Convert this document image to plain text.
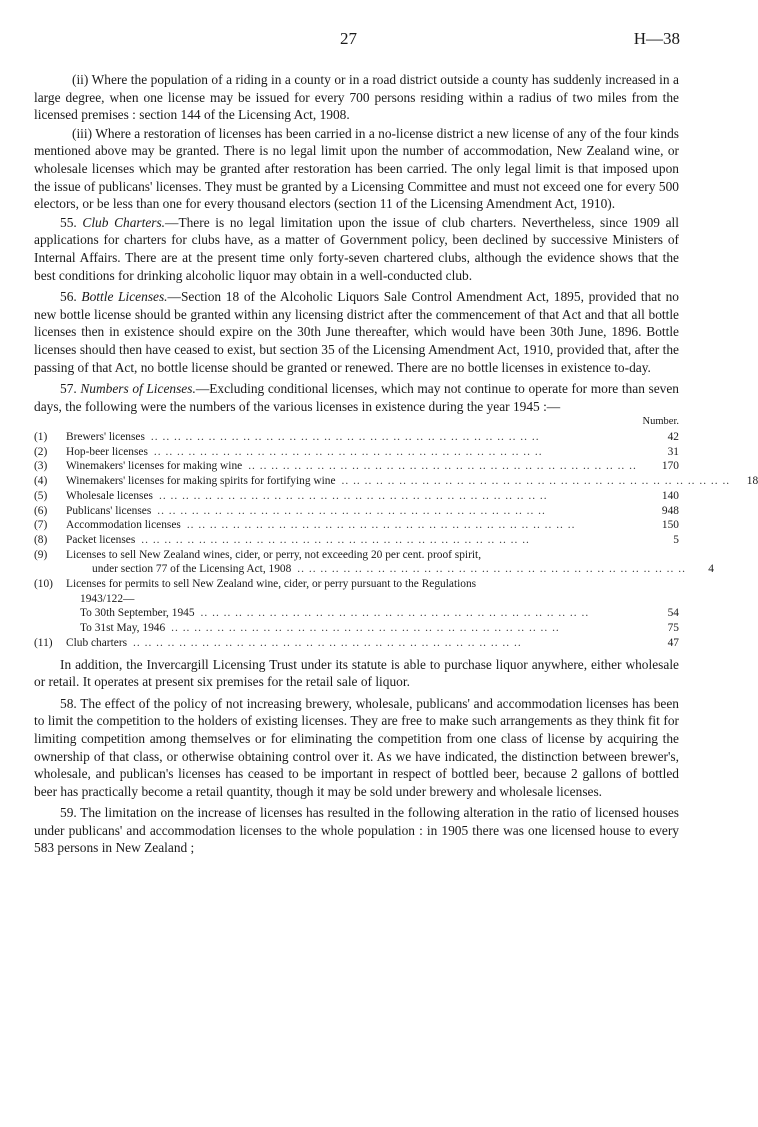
27	H—38

(ii) Where the population of a riding in a county or in a road district outside a county has suddenly increased in a large degree, when one license may be issued for every 700 persons residing within a radius of two miles from the licensed premises : section 144 of the Licensing Act, 1908.

(iii) Where a restoration of licenses has been carried in a no-license district a new license of any of the four kinds mentioned above may be granted. There is no legal limit upon the number of accommodation, New Zealand wine, or wholesale licenses which may be granted after restoration has been carried. The only legal limit is that imposed upon the issue of publicans' licenses. They must be granted by a Licensing Committee and must not exceed one for every 500 electors, or be less than one for every thousand electors (section 11 of the Licensing Amendment Act, 1910).

55. Club Charters.—There is no legal limitation upon the issue of club charters. Nevertheless, since 1909 all applications for charters for clubs have, as a matter of Government policy, been declined by successive Ministers of Internal Affairs. There are at the present time only forty-seven chartered clubs, although the evidence shows that the best conditions for drinking alcoholic liquor may obtain in a well-conducted club.

56. Bottle Licenses.—Section 18 of the Alcoholic Liquors Sale Control Amendment Act, 1895, provided that no new bottle license should be granted within any licensing district after the commencement of that Act and that all bottle licenses then in existence should expire on the 30th June thereafter, which would have been 30th June, 1896. Bottle licenses should then have ceased to exist, but section 35 of the Licensing Amendment Act, 1910, provided that, after the passing of that Act, no bottle license should be granted or renewed. There are no bottle licenses in existence to-day.

57. Numbers of Licenses.—Excluding conditional licenses, which may not continue to operate for more than seven days, the following were the numbers of the various licenses in existence during the year 1945 :—

Number.
(1)	Brewers' licenses .. .. .. .. .. .. .. .. .. .. .. .. .. .. .. .. .. .. .. .. .. .. .. .. .. .. .. .. .. .. .. .. .. ..	42
(2)	Hop-beer licenses .. .. .. .. .. .. .. .. .. .. .. .. .. .. .. .. .. .. .. .. .. .. .. .. .. .. .. .. .. .. .. .. .. ..	31
(3)	Winemakers' licenses for making wine .. .. .. .. .. .. .. .. .. .. .. .. .. .. .. .. .. .. .. .. .. .. .. .. .. .. .. .. .. .. .. .. .. ..	170
(4)	Winemakers' licenses for making spirits for fortifying wine .. .. .. .. .. .. .. .. .. .. .. .. .. .. .. .. .. .. .. .. .. .. .. .. .. .. .. .. .. .. .. .. .. ..	18
(5)	Wholesale licenses .. .. .. .. .. .. .. .. .. .. .. .. .. .. .. .. .. .. .. .. .. .. .. .. .. .. .. .. .. .. .. .. .. ..	140
(6)	Publicans' licenses .. .. .. .. .. .. .. .. .. .. .. .. .. .. .. .. .. .. .. .. .. .. .. .. .. .. .. .. .. .. .. .. .. ..	948
(7)	Accommodation licenses .. .. .. .. .. .. .. .. .. .. .. .. .. .. .. .. .. .. .. .. .. .. .. .. .. .. .. .. .. .. .. .. .. ..	150
(8)	Packet licenses .. .. .. .. .. .. .. .. .. .. .. .. .. .. .. .. .. .. .. .. .. .. .. .. .. .. .. .. .. .. .. .. .. ..	5
(9)	Licenses to sell New Zealand wines, cider, or perry, not exceeding 20 per cent. proof spirit,
under section 77 of the Licensing Act, 1908 .. .. .. .. .. .. .. .. .. .. .. .. .. .. .. .. .. .. .. .. .. .. .. .. .. .. .. .. .. .. .. .. .. ..	4
(10)	Licenses for permits to sell New Zealand wine, cider, or perry pursuant to the Regulations
1943/122—
To 30th September, 1945 .. .. .. .. .. .. .. .. .. .. .. .. .. .. .. .. .. .. .. .. .. .. .. .. .. .. .. .. .. .. .. .. .. ..	54
To 31st May, 1946 .. .. .. .. .. .. .. .. .. .. .. .. .. .. .. .. .. .. .. .. .. .. .. .. .. .. .. .. .. .. .. .. .. ..	75
(11)	Club charters .. .. .. .. .. .. .. .. .. .. .. .. .. .. .. .. .. .. .. .. .. .. .. .. .. .. .. .. .. .. .. .. .. ..	47

In addition, the Invercargill Licensing Trust under its statute is able to purchase liquor anywhere, either wholesale or retail. It operates at present six premises for the retail sale of liquor.

58. The effect of the policy of not increasing brewery, wholesale, publicans' and accommodation licenses has been to limit the competition to the holders of existing licenses. They are free to make such arrangements as they think fit for limiting competition among themselves or for eliminating the competition from one class of license by acquiring the ownership of that class, or otherwise obtaining control over it. As we have indicated, the distinction between brewer's, wholesale, and publican's licenses has ceased to be important in respect of bottled beer, because 2 gallons of bottled beer has practically become a retail quantity, though it may be sold under brewery and wholesale licenses.

59. The limitation on the increase of licenses has resulted in the following alteration in the ratio of licensed houses under publicans' and accommodation licenses to the whole population : in 1905 there was one licensed house to every 583 persons in New Zealand ;
